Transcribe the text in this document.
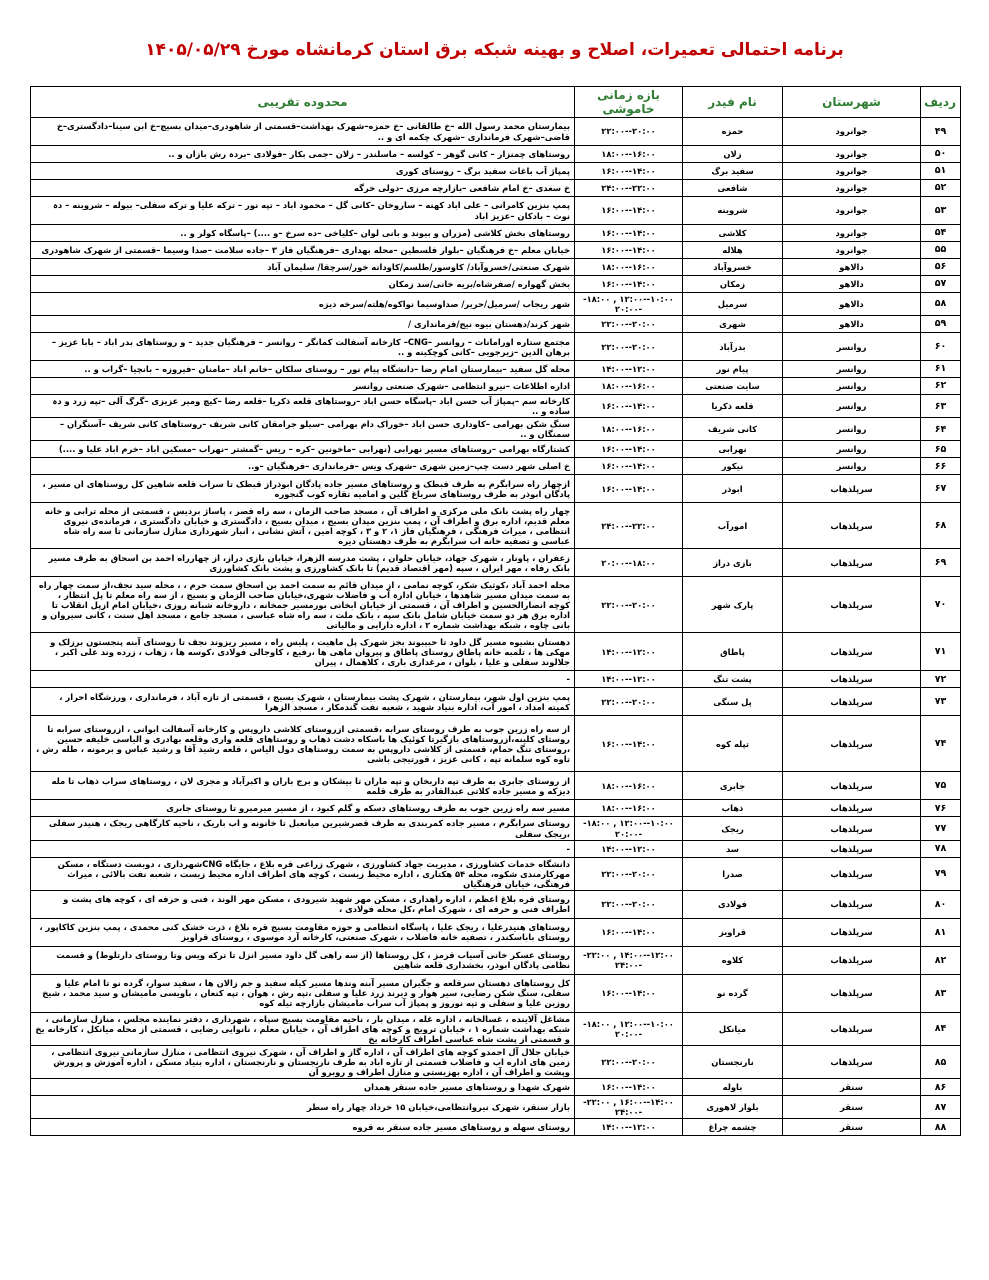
برنامه احتمالی تعمیرات، اصلاح و بهینه شبکه برق استان کرمانشاه مورخ ۱۴۰۵/۰۵/۲۹
ردیف	شهرستان	نام فیدر	بازه زمانی خاموشی	محدوده تقریبی
۴۹	جوانرود	حمزه	۲۰:۰۰--۲۲:۰۰	بیمارستان محمد رسول الله –خ طالقانی –خ حمزه–شهرک بهداشت–قسمتی از شاهودری–میدان بسیج–خ ابن سینا–دادگستری–خ قاضی–شهرک فرمانداری –شهرک چکمه ای و ..
۵۰	جوانرود	زلان	۱۶:۰۰--۱۸:۰۰	روستاهای چمنزار – کانی گوهر – کولسه – ماسلندر – زلان –جمی بکار –فولادی –بردہ رش بازان و ..
۵۱	جوانرود	سفید برگ	۱۴:۰۰--۱۶:۰۰	پمپاژ آب باغات سفید برگ – روستای کوری
۵۲	جوانرود	شافعی	۲۲:۰۰--۲۴:۰۰	خ سعدی –خ امام شافعی –بازارچه مرزی –دولی خرگه
۵۳	جوانرود	شروینه	۱۴:۰۰--۱۶:۰۰	پمپ بنزین کامرانی – علی اباد کهنه – ساروخان –کانی گل – محمود اباد – تپه نور – ترکه علیا و ترکه سفلی– بیوله – شروینه – دہ نوت – بادکان –عزیز اباد
۵۴	جوانرود	کلاشی	۱۴:۰۰--۱۶:۰۰	روستاهای بخش کلاشی (مزران و بیوند و بانی لوان –کلیاخی –ده سرخ –و ....) –پاسگاه کولر و ..
۵۵	جوانرود	هلاله	۱۴:۰۰--۱۶:۰۰	خیابان معلم –خ فرهنگیان –بلوار فلسطین –محله بهداری –فرهنگیان فاز ۳ –جاده سلامت –صدا وسیما –قسمتی از شهرک شاهودری
۵۶	دالاهو	خسروآباد	۱۶:۰۰--۱۸:۰۰	شهرک صنعتی/خسروآباد/ کاوسور/طلسم/کاودانه خور/سرچقا/ سلیمان آباد
۵۷	دالاهو	زمکان	۱۴:۰۰--۱۶:۰۰	بخش گهواره /صفرشاه/بریه خانی/سد زمکان
۵۸	دالاهو	سرمیل	۱۰:۰۰--۱۲:۰۰ , ۱۸:۰۰--۲۰:۰۰	شهر ریجاب /سرمیل/حریر/ صداوسیما نواکوه/هلته/سرخه دیزه
۵۹	دالاهو	شهری	۲۰:۰۰--۲۲:۰۰	شهر کرند/دهستان بیوه نیج/فرمانداری /
۶۰	روانسر	بدرآباد	۲۰:۰۰--۲۲:۰۰	مجتمع ستاره اورامانات – روانسر –CNG– کارخانه آسفالت کمانگر – روانسر – فرهنگیان جدید – و روستاهای بدر اباد – بابا عزیز –برهان الدین –زیرجویی –کانی کوچکینه و ..
۶۱	روانسر	پیام نور	۱۲:۰۰--۱۴:۰۰	محله گل سفید –بیمارستان امام رضا –دانشگاه پیام نور – روستای سلکان –خانم اباد –مامنان –فیروزه – بانچیا –گراب و ..
۶۲	روانسر	سایت صنعتی	۱۶:۰۰--۱۸:۰۰	اداره اطلاعات –نیرو انتظامی –شهرک صنعتی روانسر
۶۳	روانسر	قلعه ذکریا	۱۴:۰۰--۱۶:۰۰	کارخانه سم –پمپاژ آب حسن اباد –پاسگاه حسن اباد –روستاهای قلعه ذکریا –قلعه رضا –کیچ ومیر عزیزی –گرگ آلی –تپه زرد و دہ ساده و ..
۶۴	روانسر	کانی شریف	۱۶:۰۰--۱۸:۰۰	سنگ شکن بهرامی –کاوداری حسن اباد –خوراک دام بهرامی –سیلو جرامقان کانی شریف –روستاهای کانی شریف –آسنگران –سمنگان و ..
۶۵	روانسر	نهرابی	۱۴:۰۰--۱۶:۰۰	کشتارگاه بهرامی –روستاهای مسیر نهرابی (نهرابی –ماخونین –کره – ریس –گمشتر –نهراب –مسکین اباد –خرم اباد علیا و ....)
۶۶	روانسر	نیکور	۱۴:۰۰--۱۶:۰۰	خ اصلی شهر دست چپ–زمین شهری –شهرک ویس –فرمانداری –فرهنگیان –و..
۶۷	سرپلذهاب	ابوذر	۱۴:۰۰--۱۶:۰۰	ازچهار راه سرابگرم به طرف قبطک و روستاهای مسیر جاده پادگان ابوذراز قبطک تا سراب قلعه شاهین کل روستاهای ان مسیر ، پادگان ابوذر به طرف روستاهای سرباغ گلین و امامیه تقاره کوب گنجوره
۶۸	سرپلذهاب	امورآب	۲۲:۰۰--۲۴:۰۰	چهار راه پشت بانک ملی مرکزی و اطراف آن ، مسجد صاحب الزمان ، سه راه قصر ، پاساژ بردیس ، قسمتی از محله ترابی و خانه معلم قدیم، اداره برق و اطراف آن ، پمپ بنزین میدان بسیج ، میدان بسیج ، دادگستری و خیابان دادگستری ، فرمانده‌ی نیروی انتظامی ، میراث فرهنگی ، فرهنگیان فاز ۱، ۲ و ۳ ، کوچه امین ، آتش نشانی ، انبار شهرداری منازل سازمانی تا سه راه شاه عباسی و تصفیه خانه اب سرابگرم به طرف دهستان دیره
۶۹	سرپلذهاب	بازی دراز	۱۸:۰۰--۲۰:۰۰	زعفران ، پاونار ، شهرک جهاد، خیابان حلوان ، پشت مدرسه الزهرا، خیابان بازی دراز، از چهارراه احمد بن اسحاق به طرف مسیر بانک رفاه ، مهر ایران ، سپه (مهر اقتصاد قدیم) تا بانک کشاورزی و پشت بانک کشاورزی
۷۰	سرپلذهاب	پارک شهر	۲۰:۰۰--۲۲:۰۰	محله احمد آباد ،کوثیک شکر، کوچه نمامی ، از میدان قائم به سمت احمد بن اسحاق سمت حرم ، ، محله سید نجف،از سمت چهار راه به سمت میدان مسیر شاهدها ، خیابان ادارہ آب و فاضلاب شهری،خیابان صاحب الزمان و بسیج ، از سه راه معلم تا پل انتظار ، کوچه انصارالحسین و اطراف آن ، قسمتی از خیابان ابخانی بورمسیر جمخانه ، داروخانه شبانه روزی ،خیابان امام ازپل انقلاب تا اداره برق هر دو سمت خیابان شامل بانک سپه ، بانک ملت ، سه راه شاه عباسی ، مسجد جامع ، مسجد اهل سنت ، کانی سیروان و بانی چاوه ، شبکه بهداشت شماره ۲ ، اداره دارایی و مالیاتی
۷۱	سرپلذهاب	پاطاق	۱۲:۰۰--۱۴:۰۰	دهستان بشیوه مسیر گل داود تا حبیبوند بجز شهرک پل ماهیت ، پلیس راه ، مسیر ریزوند نجف تا روستای آبنه پنجستون برزلک و مهکی ها ، تلمبه خانه پاطاق روستای پاطاق و پیروان ماهی ها ،رفیع ، کاوجالی فولادی ،کوسه ها ، زهاب ، زرده وند علی اکبر ، جلالوند سفلی و علیا ، بلوان ، مرغداری باری ، کلاهمال ، پیران
۷۲	سرپلذهاب	پشت تنگ	۱۲:۰۰--۱۴:۰۰	-
۷۳	سرپلذهاب	پل سنگی	۲۰:۰۰--۲۲:۰۰	پمپ بنزین اول شهر، بیمارستان ، شهرک پشت بیمارستان ، شهرک بسیج ، قسمتی از تازه آباد ، فرمانداری ، ورزشگاه احرار ، کمیته امداد ، امور آب، اداره بنیاد شهید ، شعبه نفت گندمکار ، مسجد الزهرا
۷۴	سرپلذهاب	تپله کوه	۱۴:۰۰--۱۶:۰۰	از سه راه زرین جوب به طرف روستای سرابه ،قسمتی ازروستای کلاشی داروپس و کارخانه آسفالت ابوانی ، ازروستای سرابه تا روستای کلینه،ازروستاهای بازگیرتا کوئیک ها باسکاه دشت ذهاب و روستاهای قلعه واری وقلعه بهادری و الیاسی خلیفه حسین ،روستای تنگ حمام، قسمتی از کلاشی داروپس به سمت روستاهای دول الیاس ، قلعه رشید آقا و رشید عباس و برمونه ، طله رش ، تاوه کوه سلمانه تپه ، کانی عزیز ، قورتیجی باشی
۷۵	سرپلذهاب	جابری	۱۶:۰۰--۱۸:۰۰	از روستای جابری به طرف تپه داربخان و تپه ماران تا بیشکان و برج باران و اکبرآباد و مجری لان ، روستاهای سراب ذهاب تا مله دیزکه و مسیر جاده کلاتی عبدالقادر به طرف قلمه
۷۶	سرپلذهاب	ذهاب	۱۶:۰۰--۱۸:۰۰	مسیر سه راه زرین جوب به طرف روستاهای دسکه و گلم کبود ، از مسیر میرمیرو تا روستای جابری
۷۷	سرپلذهاب	ریجک	۱۰:۰۰--۱۲:۰۰ , ۱۸:۰۰--۲۰:۰۰	روستای سرابگرم ، مسیر جاده کمربندی به طرف قصرشیرین میانعبل تا خانونه و اب باریک ، ناحیه کارگاهی ریجک ، هنیدر سفلی ،ریجک سفلی
۷۸	سرپلذهاب	سد	۱۲:۰۰--۱۴:۰۰	-
۷۹	سرپلذهاب	صدرا	۲۰:۰۰--۲۲:۰۰	دانشگاه خدمات کشاورزی ، مدیریت جهاد کشاورزی ، شهرک زراعی قره بلاغ ، جایگاه CNGشهرداری ، دوبست دستگاه ، مسکن مهرکارمندی شکوه، محله ۵۴ هکتاری ، اداره محیط زیست ، کوچه های اطراف اداره محیط زیست ، شعبه نفت بالائی ، میراث فرهنگی، خیابان فرهنگیان
۸۰	سرپلذهاب	فولادی	۲۰:۰۰--۲۲:۰۰	روستای قره بلاغ اعظم ، اداره راهداری ، مسکن مهر شهید شیرودی ، مسکن مهر الوند ، فنی و حرفه ای ، کوچه های پشت و اطراف فنی و حرفه ای ، شهرک امام ،کل محله فولادی ،
۸۱	سرپلذهاب	قراویز	۱۴:۰۰--۱۶:۰۰	روستاهای هنیدرعلیا ، ریجک علیا ، پاسگاه انتظامی و حوزه مقاومت بسیج قره بلاغ ، ذرت خشک کنی محمدی ، پمپ بنزین کاکاپور ، روستای باباسکندر ، تصفیه خانه فاضلاب ، شهرک صنعتی، کارخانه آرد موسوی ، روستای قراویز
۸۲	سرپلذهاب	کلاوه	۱۲:۰۰--۱۴:۰۰ , ۲۲:۰۰--۲۴:۰۰	روستای عسکر خانی آسیاب قرمز ، کل روستاها (از سه راهی گل داود مسیر انزل تا ترکه ویس وتا روستای دارتلوط) و قسمت نظامی پادگان ابوذر، بخشداری قلعه شاهین
۸۳	سرپلذهاب	گرده نو	۱۴:۰۰--۱۶:۰۰	کل روستاهای دهستان سرقلعه و جگیران مسیر آبنه وندها مسیر کیله سفید و جم زالان ها ، سفید سوار، گرده نو تا امام علیا و سفلی، سنگ شکن رضایی، سیر هوار و دیرند زرد علیا و سفلی ،تپه رش ، هوان ، تپه کنعان ، باویسی مامیشان و سید محمد ، شیخ روزین علیا و سفلی و تپه نوروز و پمپاژ آب سراب مامیشان بازارچه تیله کوه
۸۴	سرپلذهاب	میانکل	۱۰:۰۰--۱۲:۰۰ , ۱۸:۰۰--۲۰:۰۰	مشاغل آلاینده ، غسالخانه ، اداره غله ، میدان بار ، ناحیه مقاومت بسیج سپاه ، شهرداری ، دفتر نماینده مجلس ، منازل سازمانی ، شبکه بهداشت شماره ۱ ، خیابان ترویج و کوچه های اطراف آن ، خیابان معلم ، نانوایی رضایی ، قسمتی از محله میانکل ، کارخانه یخ و قسمتی از پشت شاه عباسی اطراف کارخانه یخ
۸۵	سرپلذهاب	نارنجستان	۲۰:۰۰--۲۲:۰۰	خیابان جلال آل احمدو کوچه های اطراف آن ، اداره گاز و اطراف آن ، شهرک نیروی انتظامی ، منازل سازمانی نیروی انتظامی ، زمین های اداره اب و فاضلاب قسمتی از تازه اباد به طرف نارنجستان و نارنجستان ، اداره بنیاد مسکن ، اداره آموزش و پرورش وپشت و اطراف آن ، اداره بهزیستی و منازل اطراف و روبرو آن
۸۶	سنقر	باوله	۱۴:۰۰--۱۶:۰۰	شهرک شهدا و روستاهای مسیر جاده سنقر همدان
۸۷	سنقر	بلوار لاهوری	۱۴:۰۰--۱۶:۰۰ , ۲۲:۰۰--۲۴:۰۰	بازار سنقر، شهرک نیروانتظامی،خیابان ۱۵ خرداد چهار راه سطر
۸۸	سنقر	چشمه چراغ	۱۲:۰۰--۱۴:۰۰	روستای سهله و روستاهای مسیر جاده سنقر به قروه
